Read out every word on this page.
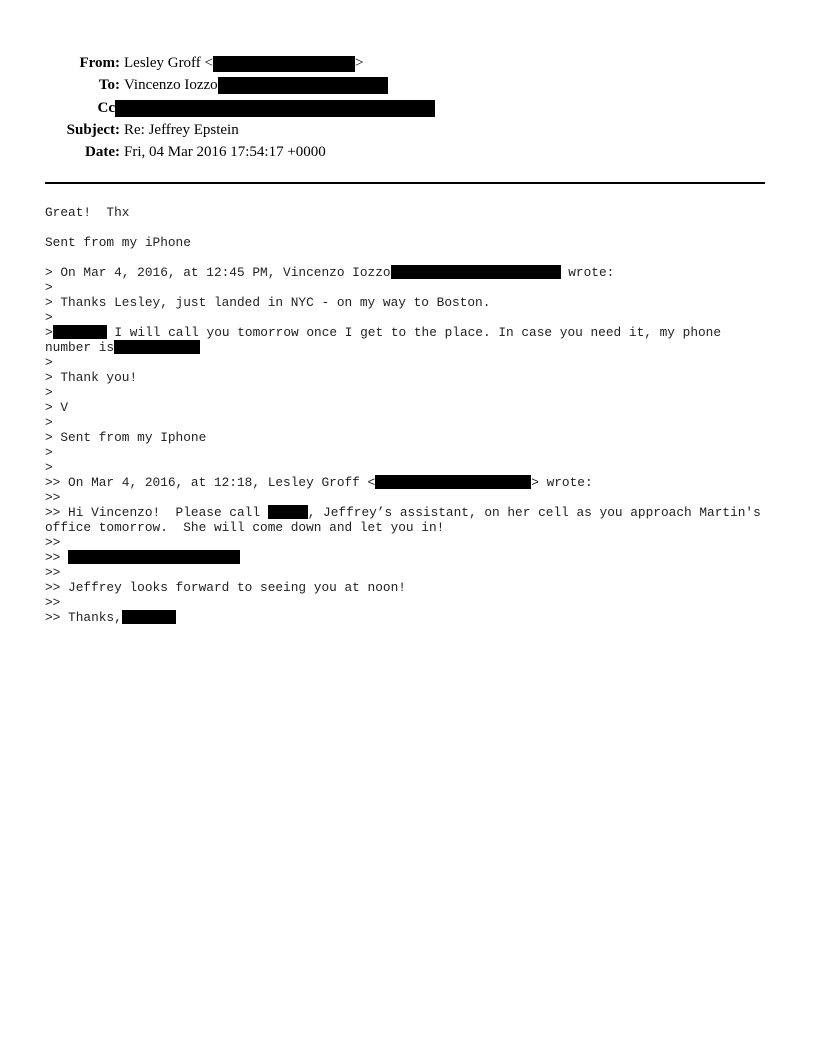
From: Lesley Groff <	>
To: Vincenzo Iozzo
Cc
Subject: Re: Jeffrey Epstein
Date: Fri, 04 Mar 2016 17:54:17 +0000
Great!  Thx
Sent from my iPhone
> On Mar 4, 2016, at 12:45 PM, Vincenzo Iozzo	wrote:
>
> Thanks Lesley, just landed in NYC - on my way to Boston.
>
>	I will call you tomorrow once I get to the place. In case you need it, my phone
number is
>
> Thank you!
>
> V
>
> Sent from my Iphone
>
>
>> On Mar 4, 2016, at 12:18, Lesley Groff <	> wrote:
>>
>> Hi Vincenzo!  Please call	, Jeffrey’s assistant, on her cell as you approach Martin's
office tomorrow.  She will come down and let you in!
>>
>>
>>
>> Jeffrey looks forward to seeing you at noon!
>>
>> Thanks,
